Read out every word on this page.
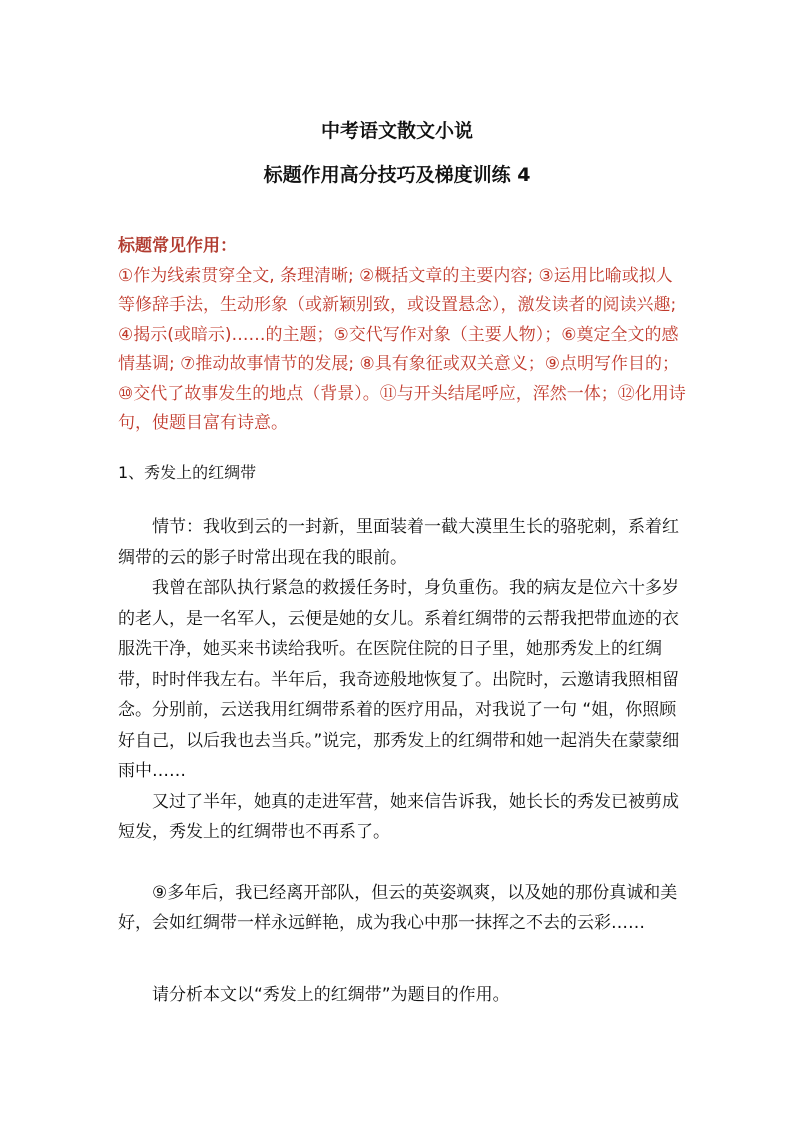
中考语文散文小说
标题作用高分技巧及梯度训练 4
标题常见作用：
①作为线索贯穿全文, 条理清晰; ②概括文章的主要内容; ③运用比喻或拟人等修辞手法，生动形象（或新颖别致，或设置悬念），激发读者的阅读兴趣; ④揭示(或暗示)……的主题；⑤交代写作对象（主要人物）；⑥奠定全文的感情基调; ⑦推动故事情节的发展; ⑧具有象征或双关意义；⑨点明写作目的；⑩交代了故事发生的地点（背景）。⑪与开头结尾呼应，浑然一体；⑫化用诗句，使题目富有诗意。
1、秀发上的红绸带

情节：我收到云的一封新，里面装着一截大漠里生长的骆驼刺，系着红绸带的云的影子时常出现在我的眼前。

我曾在部队执行紧急的救援任务时，身负重伤。我的病友是位六十多岁的老人，是一名军人，云便是她的女儿。系着红绸带的云帮我把带血迹的衣服洗干净，她买来书读给我听。在医院住院的日子里，她那秀发上的红绸带，时时伴我左右。半年后，我奇迹般地恢复了。出院时，云邀请我照相留念。分别前，云送我用红绸带系着的医疗用品，对我说了一句 “姐，你照顾好自己，以后我也去当兵。”说完，那秀发上的红绸带和她一起消失在蒙蒙细雨中……

又过了半年，她真的走进军营，她来信告诉我，她长长的秀发已被剪成短发，秀发上的红绸带也不再系了。

⑨多年后，我已经离开部队，但云的英姿飒爽，以及她的那份真诚和美好，会如红绸带一样永远鲜艳，成为我心中那一抹挥之不去的云彩……

请分析本文以“秀发上的红绸带”为题目的作用。
